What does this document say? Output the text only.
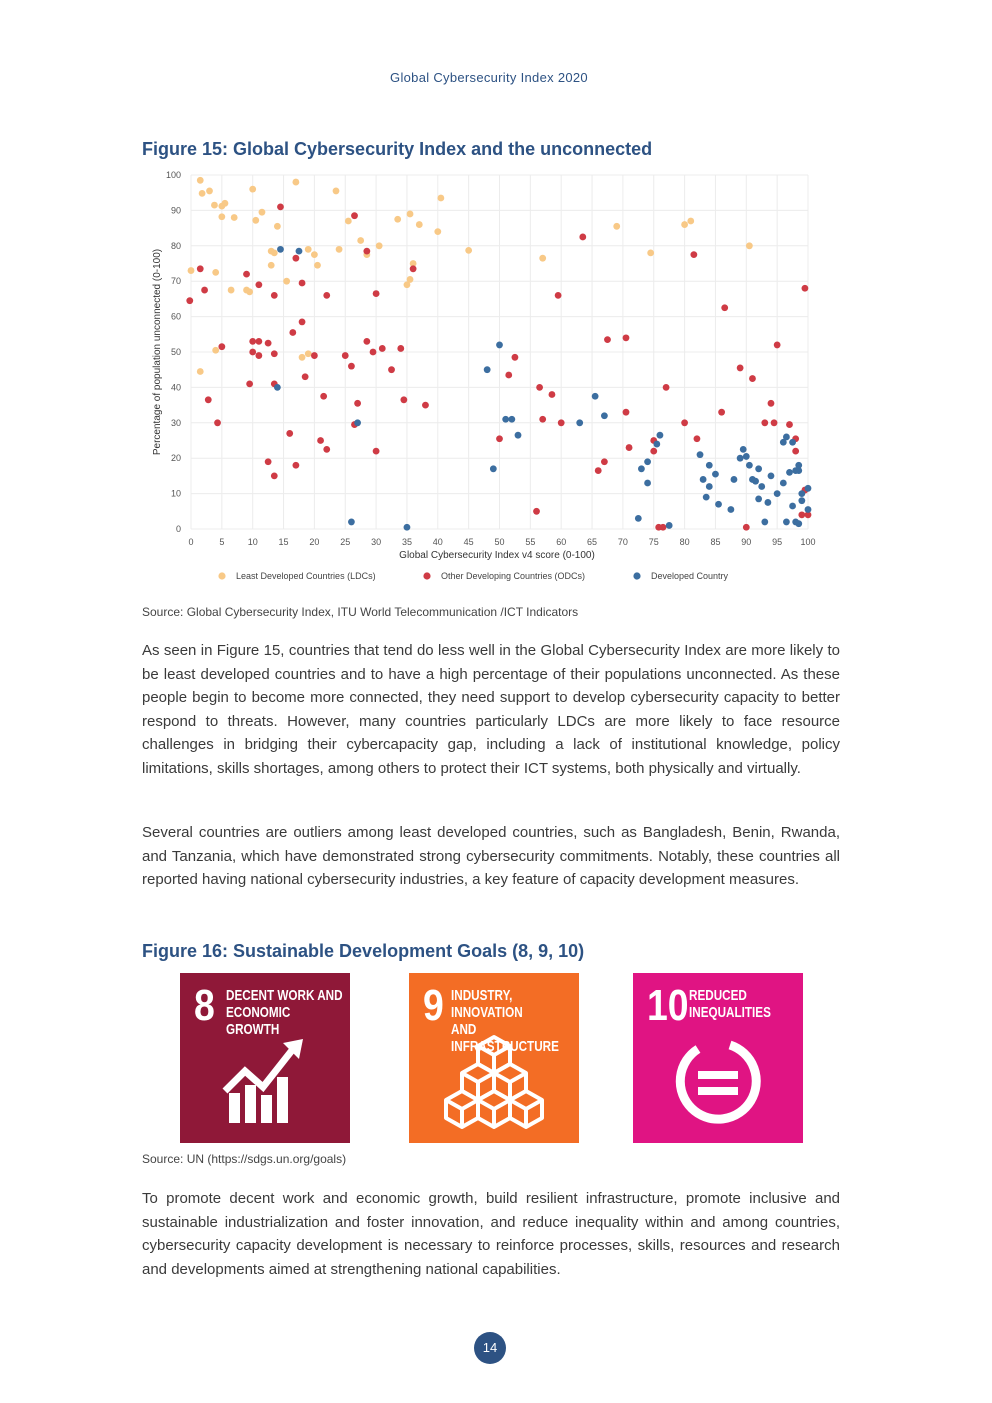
Global Cybersecurity Index 2020
Figure 15: Global Cybersecurity Index and the unconnected
0	5	10 15 20 25 30 35 40 45 50 55 60 65 70 75 80 85 90 95 100
0
10
20
30
40
50
60
70
80
90
100
Global Cybersecurity Index v4 score (0-100)
Percentage of population unconnected (0-100)
Least Developed Countries (LDCs)	Other Developing Countries (ODCs)	Developed Country
Source: Global Cybersecurity Index, ITU World Telecommunication /ICT Indicators

As seen in Figure 15, countries that tend do less well in the Global Cybersecurity Index are more likely to be least developed countries and to have a high percentage of their populations unconnected. As these people begin to become more connected, they need support to develop cybersecurity capacity to better respond to threats. However, many countries particularly LDCs are more likely to face resource challenges in bridging their cybercapacity gap, including a lack of institutional knowledge, policy limitations, skills shortages, among others to protect their ICT systems, both physically and virtually.

Several countries are outliers among least developed countries, such as Bangladesh, Benin, Rwanda, and Tanzania, which have demonstrated strong cybersecurity commitments. Notably, these countries all reported having national cybersecurity industries, a key feature of capacity development measures.

Figure 16: Sustainable Development Goals (8, 9, 10)
8 DECENT WORK AND
ECONOMIC GROWTH	9 INDUSTRY, INNOVATION
AND INFRASTRUCTURE
10 REDUCED
INEQUALITIES
Source: UN (https://sdgs.un.org/goals)

To promote decent work and economic growth, build resilient infrastructure, promote inclusive and sustainable industrialization and foster innovation, and reduce inequality within and among countries, cybersecurity capacity development is necessary to reinforce processes, skills, resources and research and developments aimed at strengthening national capabilities.

14
